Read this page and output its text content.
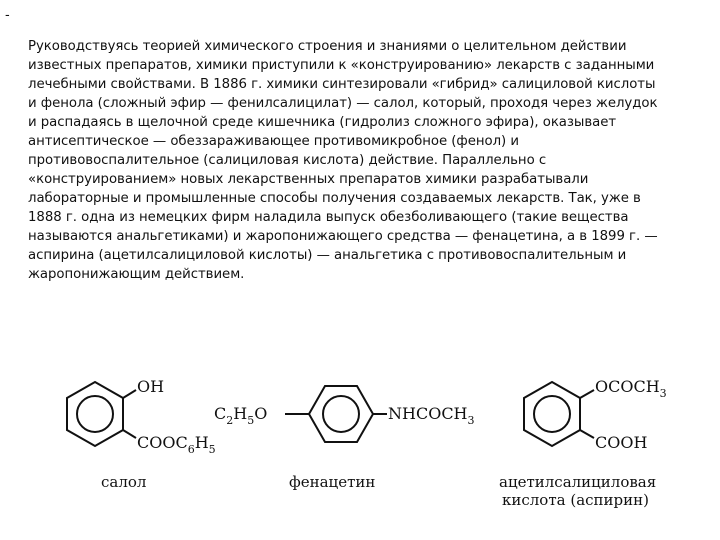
-

Руководствуясь теорией химического строения и знаниями о целительном действии
известных препаратов, химики приступили к «конструированию» лекарств с заданными
лечебными свойствами. В 1886 г. химики синтезировали «гибрид» салициловой кислоты
и фенола (сложный эфир — фенилсалицилат) — салол, который, проходя через желудок
и распадаясь в щелочной среде кишечника (гидролиз сложного эфира), оказывает
антисептическое — обеззараживающее противомикробное (фенол) и
противовоспалительное (салициловая кислота) действие. Параллельно с
«конструированием» новых лекарственных препаратов химики разрабатывали
лабораторные и промышленные способы получения создаваемых лекарств. Так, уже в
1888 г. одна из немецких фирм наладила выпуск обезболивающего (такие вещества
называются анальгетиками) и жаропонижающего средства — фенацетина, а в 1899 г. —
аспирина (ацетилсалициловой кислоты) — анальгетика с противовоспалительным и
жаропонижающим действием.

OH
$COOC_6H_5$
салол
$C_2H_5O$	$NHCOCH_3$
фенацетин
$OCOCH_3$
COOH
ацетилсалициловая
кислота (аспирин)
